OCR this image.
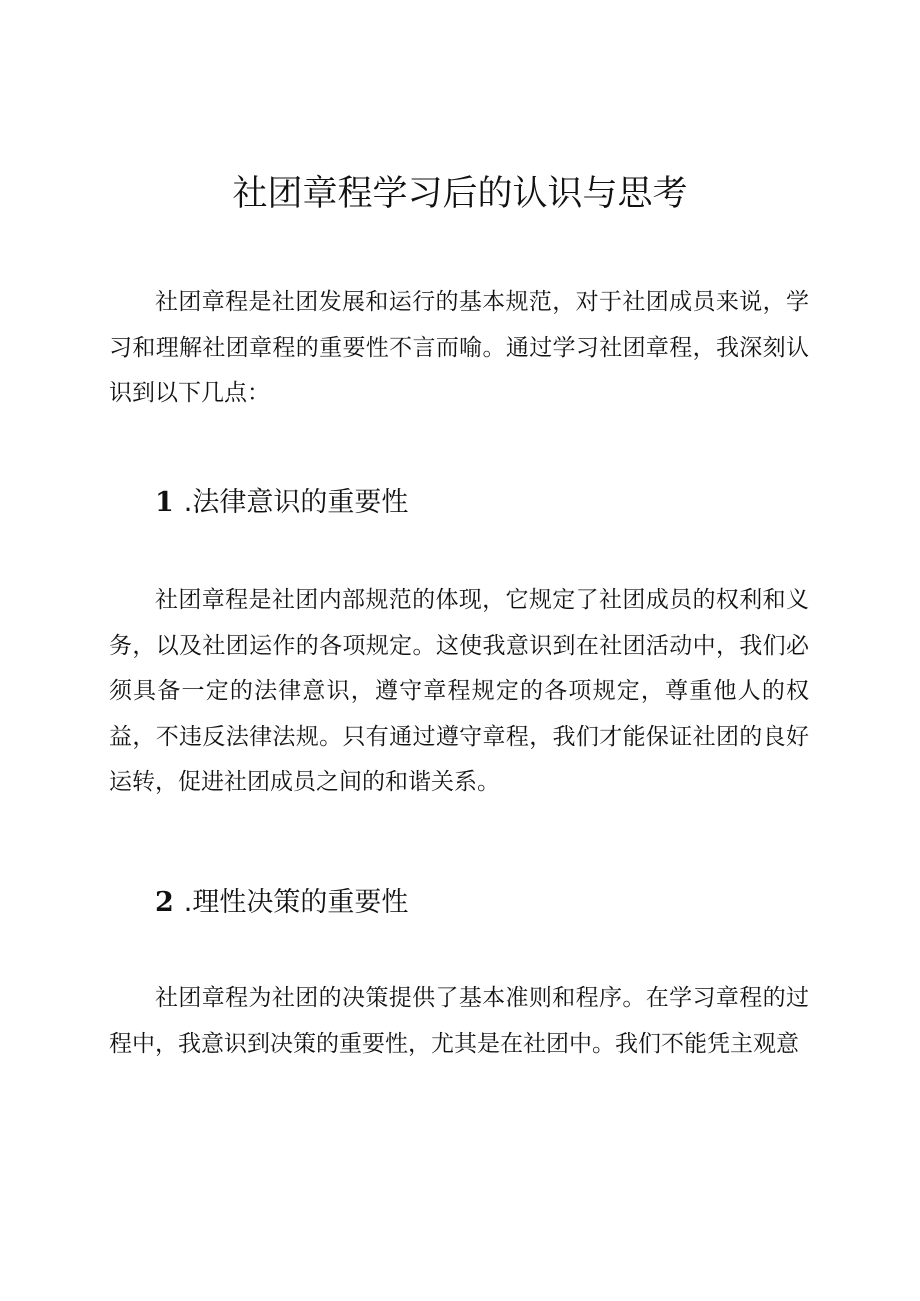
社团章程学习后的认识与思考

社团章程是社团发展和运行的基本规范，对于社团成员来说，学习和理解社团章程的重要性不言而喻。通过学习社团章程，我深刻认识到以下几点：

1 .法律意识的重要性

社团章程是社团内部规范的体现，它规定了社团成员的权利和义务，以及社团运作的各项规定。这使我意识到在社团活动中，我们必须具备一定的法律意识，遵守章程规定的各项规定，尊重他人的权益，不违反法律法规。只有通过遵守章程，我们才能保证社团的良好运转，促进社团成员之间的和谐关系。

2 .理性决策的重要性

社团章程为社团的决策提供了基本准则和程序。在学习章程的过程中，我意识到决策的重要性，尤其是在社团中。我们不能凭主观意
